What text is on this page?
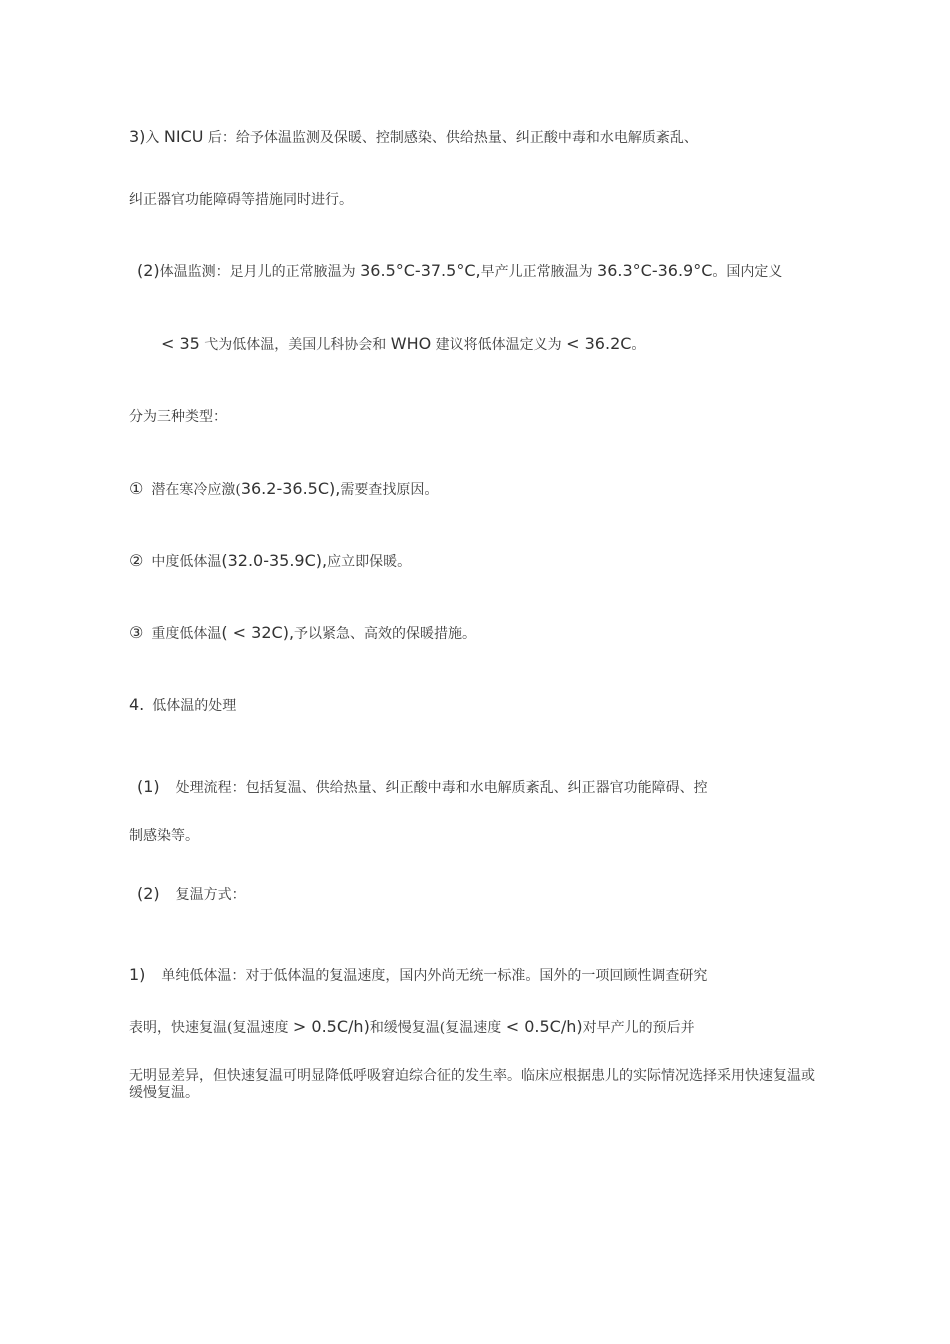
3)入 NICU 后：给予体温监测及保暖、控制感染、供给热量、纠正酸中毒和水电解质紊乱、
纠正器官功能障碍等措施同时进行。
(2)体温监测：足月儿的正常腋温为 36.5°C-37.5°C,早产儿正常腋温为 36.3°C-36.9°C。国内定义
< 35 弋为低体温，美国儿科协会和 WHO 建议将低体温定义为 < 36.2C。
分为三种类型：
① 潜在寒冷应激(36.2-36.5C),需要查找原因。
② 中度低体温(32.0-35.9C),应立即保暖。
③ 重度低体温( < 32C),予以紧急、高效的保暖措施。
4. 低体温的处理
(1) 处理流程：包括复温、供给热量、纠正酸中毒和水电解质紊乱、纠正器官功能障碍、控
制感染等。
(2) 复温方式：
1) 单纯低体温：对于低体温的复温速度，国内外尚无统一标准。国外的一项回顾性调查研究
表明，快速复温(复温速度 > 0.5C/h)和缓慢复温(复温速度 < 0.5C/h)对早产儿的预后并
无明显差异，但快速复温可明显降低呼吸窘迫综合征的发生率。临床应根据患儿的实际情况选择采用快速复温或缓慢复温。
